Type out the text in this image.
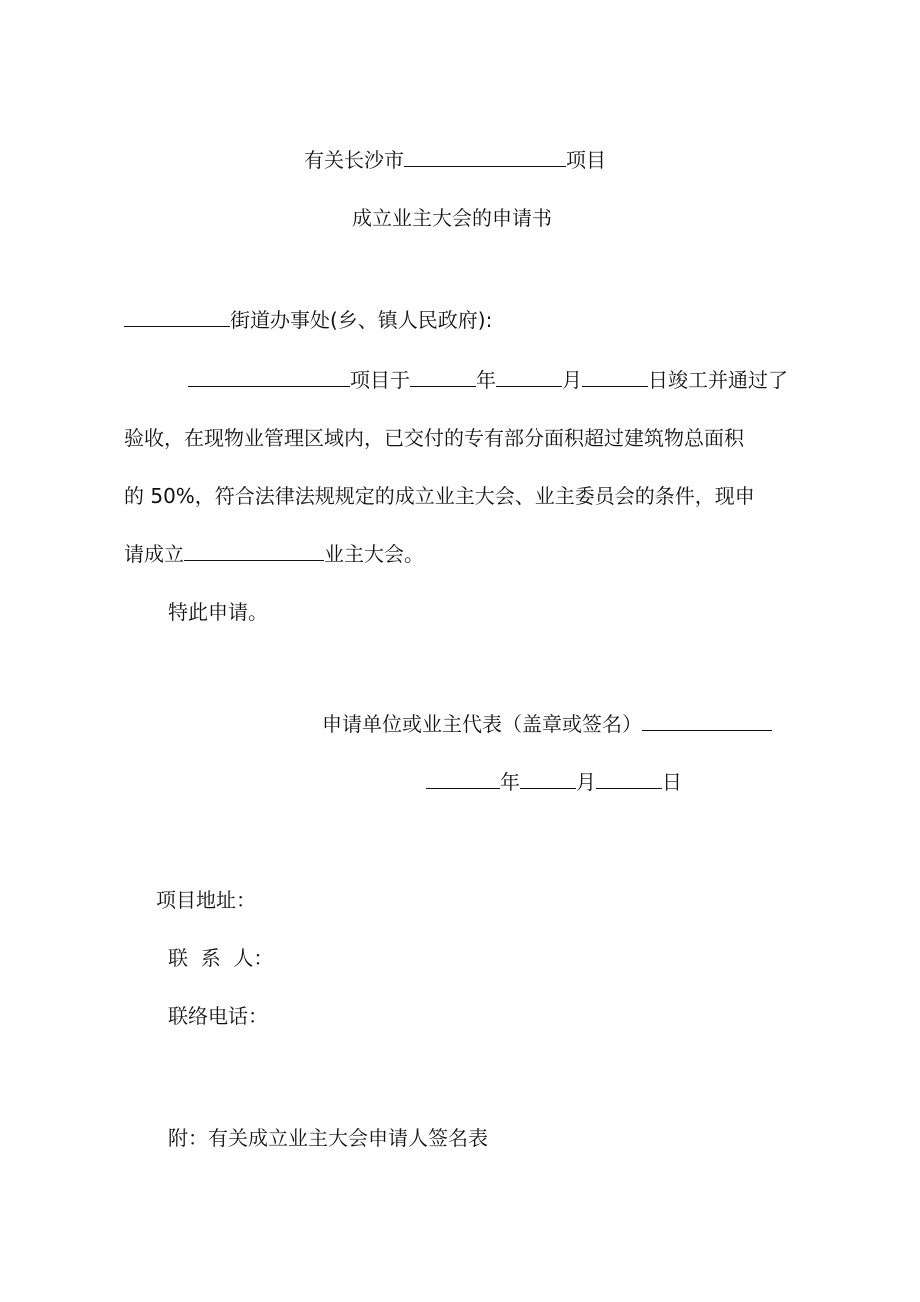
有关长沙市	项目
成立业主大会的申请书
街道办事处(乡、镇人民政府):
项目于	年	月	日竣工并通过了
验收，在现物业管理区域内，已交付的专有部分面积超过建筑物总面积
的 50%，符合法律法规规定的成立业主大会、业主委员会的条件，现申
请成立	业主大会。
特此申请。
申请单位或业主代表（盖章或签名）
年	月	日
项目地址：
联  系  人：
联络电话：
附：有关成立业主大会申请人签名表
